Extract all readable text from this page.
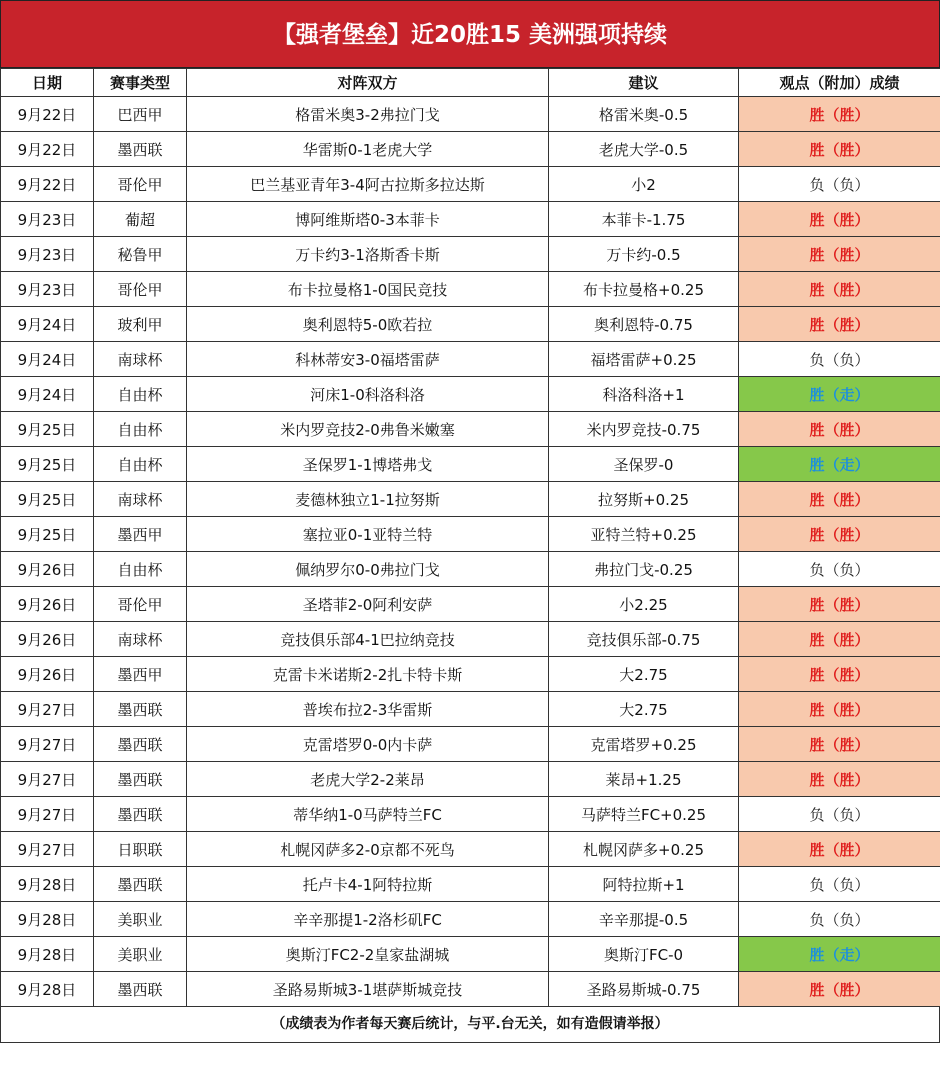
【强者堡垒】近20胜15 美洲强项持续
日期	赛事类型	对阵双方	建议	观点（附加）成绩
9月22日	巴西甲	格雷米奥3-2弗拉门戈	格雷米奥-0.5	胜（胜）
9月22日	墨西联	华雷斯0-1老虎大学	老虎大学-0.5	胜（胜）
9月22日	哥伦甲	巴兰基亚青年3-4阿古拉斯多拉达斯	小2	负（负）
9月23日	葡超	博阿维斯塔0-3本菲卡	本菲卡-1.75	胜（胜）
9月23日	秘鲁甲	万卡约3-1洛斯香卡斯	万卡约-0.5	胜（胜）
9月23日	哥伦甲	布卡拉曼格1-0国民竞技	布卡拉曼格+0.25	胜（胜）
9月24日	玻利甲	奥利恩特5-0欧若拉	奥利恩特-0.75	胜（胜）
9月24日	南球杯	科林蒂安3-0福塔雷萨	福塔雷萨+0.25	负（负）
9月24日	自由杯	河床1-0科洛科洛	科洛科洛+1	胜（走）
9月25日	自由杯	米内罗竞技2-0弗鲁米嫩塞	米内罗竞技-0.75	胜（胜）
9月25日	自由杯	圣保罗1-1博塔弗戈	圣保罗-0	胜（走）
9月25日	南球杯	麦德林独立1-1拉努斯	拉努斯+0.25	胜（胜）
9月25日	墨西甲	塞拉亚0-1亚特兰特	亚特兰特+0.25	胜（胜）
9月26日	自由杯	佩纳罗尔0-0弗拉门戈	弗拉门戈-0.25	负（负）
9月26日	哥伦甲	圣塔菲2-0阿利安萨	小2.25	胜（胜）
9月26日	南球杯	竞技俱乐部4-1巴拉纳竞技	竞技俱乐部-0.75	胜（胜）
9月26日	墨西甲	克雷卡米诺斯2-2扎卡特卡斯	大2.75	胜（胜）
9月27日	墨西联	普埃布拉2-3华雷斯	大2.75	胜（胜）
9月27日	墨西联	克雷塔罗0-0内卡萨	克雷塔罗+0.25	胜（胜）
9月27日	墨西联	老虎大学2-2莱昂	莱昂+1.25	胜（胜）
9月27日	墨西联	蒂华纳1-0马萨特兰FC	马萨特兰FC+0.25	负（负）
9月27日	日职联	札幌冈萨多2-0京都不死鸟	札幌冈萨多+0.25	胜（胜）
9月28日	墨西联	托卢卡4-1阿特拉斯	阿特拉斯+1	负（负）
9月28日	美职业	辛辛那提1-2洛杉矶FC	辛辛那提-0.5	负（负）
9月28日	美职业	奥斯汀FC2-2皇家盐湖城	奥斯汀FC-0	胜（走）
9月28日	墨西联	圣路易斯城3-1堪萨斯城竞技	圣路易斯城-0.75	胜（胜）
（成绩表为作者每天赛后统计，与平.台无关，如有造假请举报）
